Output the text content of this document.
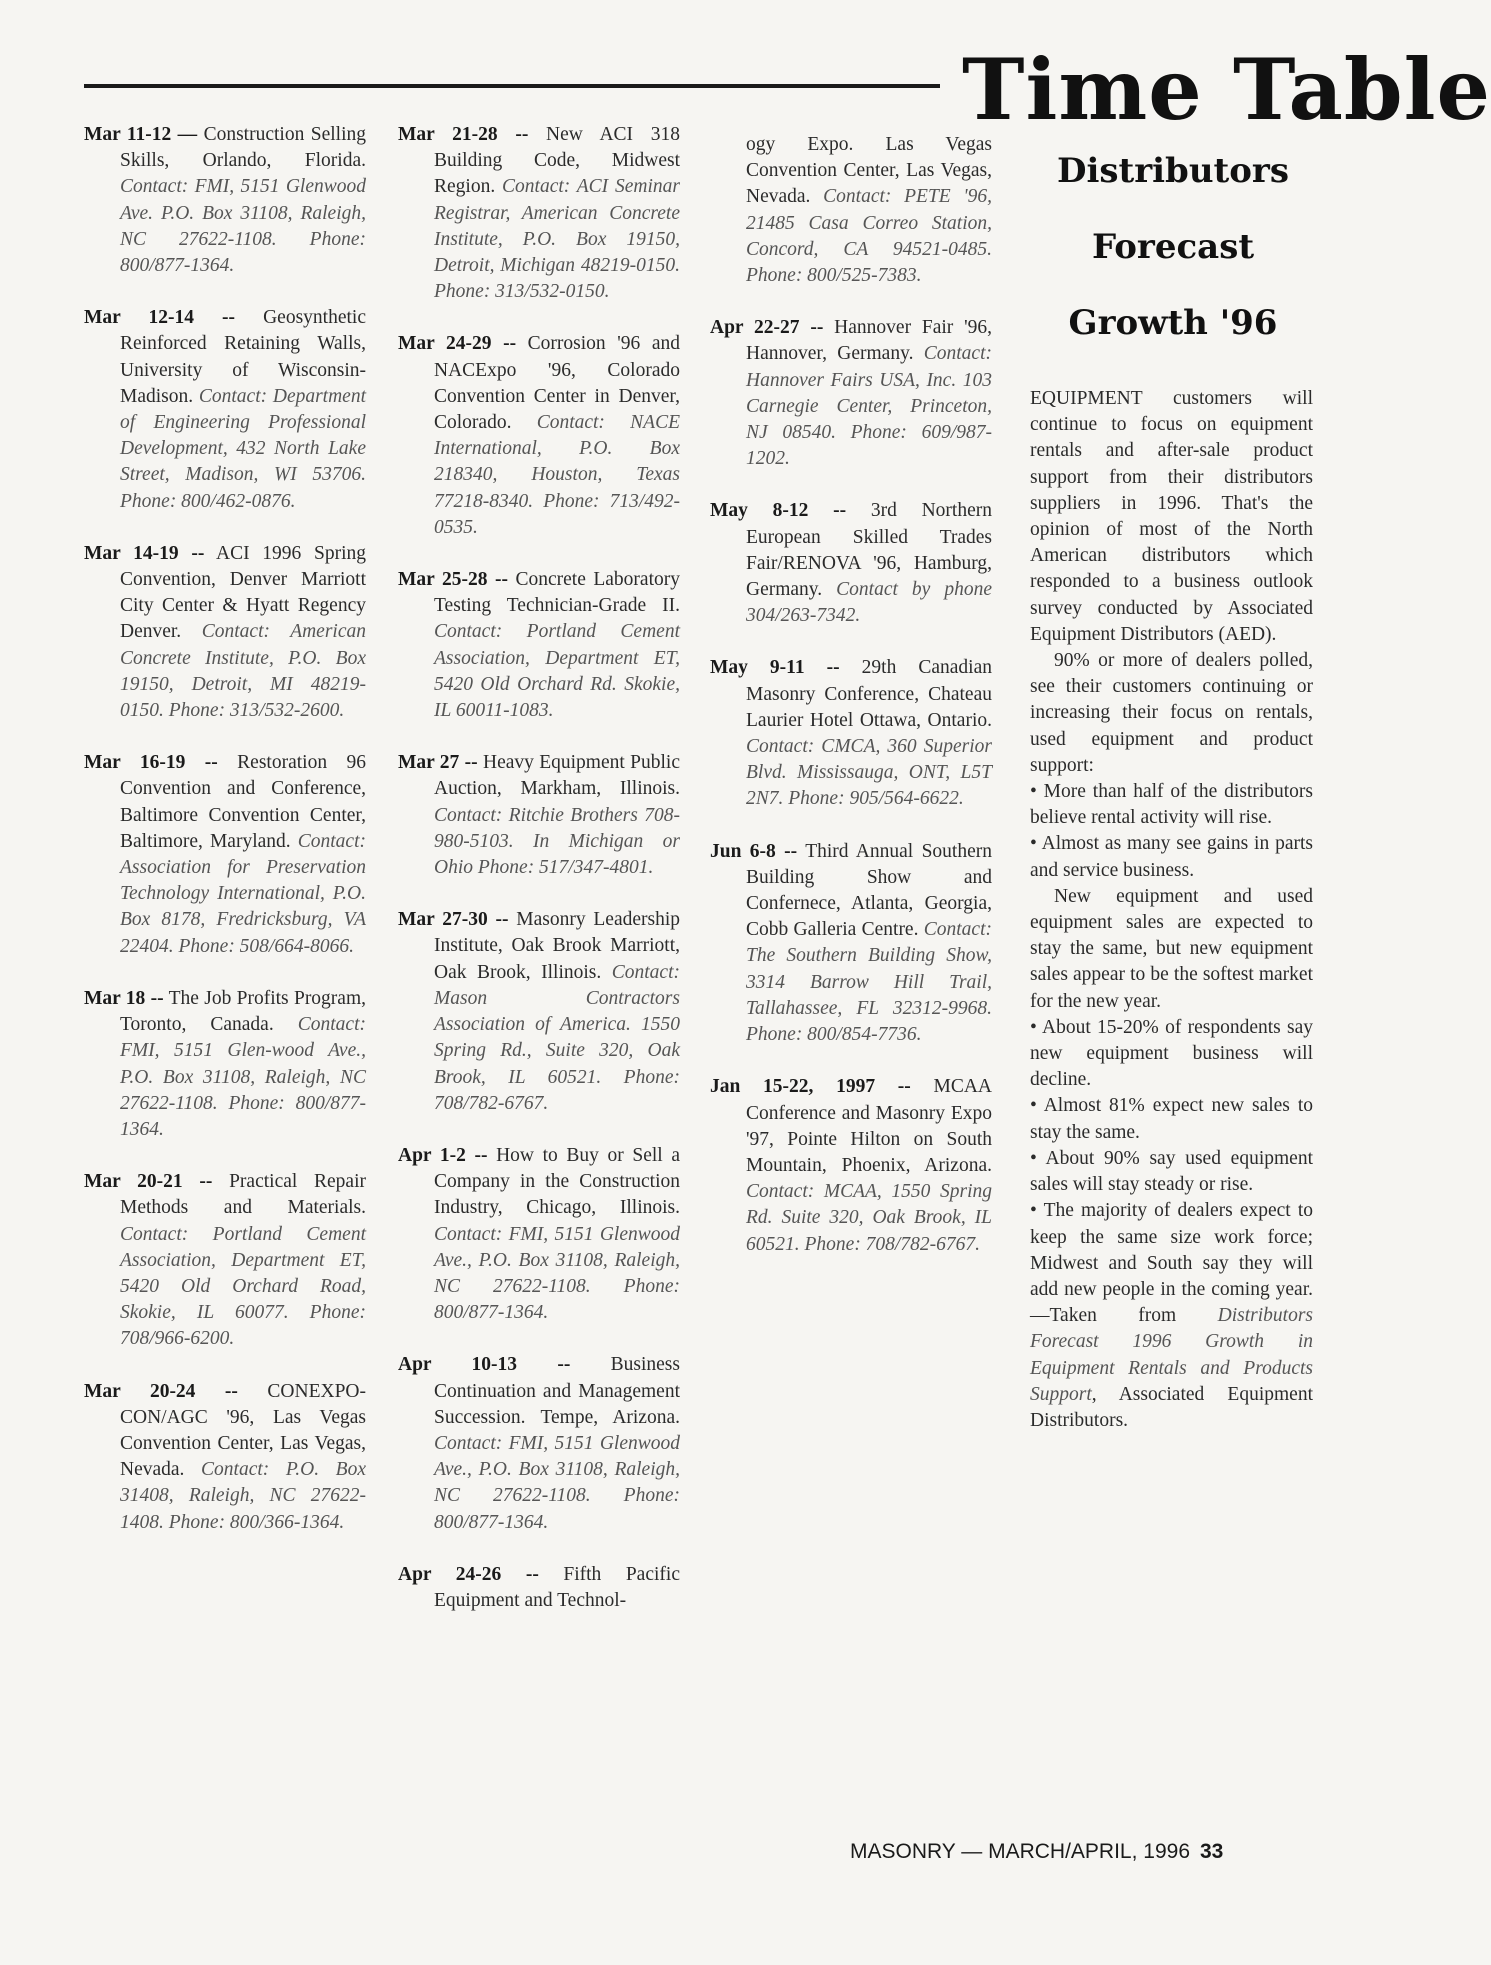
Time Table

Mar 11-12 — Construction Selling Skills, Orlando, Florida. Contact: FMI, 5151 Glenwood Ave. P.O. Box 31108, Raleigh, NC 27622-1108. Phone: 800/877-1364.

Mar 12-14 -- Geosynthetic Reinforced Retaining Walls, University of Wisconsin-Madison. Contact: Department of Engineering Professional Development, 432 North Lake Street, Madison, WI 53706. Phone: 800/462-0876.

Mar 14-19 -- ACI 1996 Spring Convention, Denver Marriott City Center & Hyatt Regency Denver. Contact: American Concrete Institute, P.O. Box 19150, Detroit, MI 48219-0150. Phone: 313/532-2600.

Mar 16-19 -- Restoration 96 Convention and Conference, Baltimore Convention Center, Baltimore, Maryland. Contact: Association for Preservation Technology International, P.O. Box 8178, Fredricksburg, VA 22404. Phone: 508/664-8066.

Mar 18 -- The Job Profits Program, Toronto, Canada. Contact: FMI, 5151 Glen-wood Ave., P.O. Box 31108, Raleigh, NC 27622-1108. Phone: 800/877-1364.

Mar 20-21 -- Practical Repair Methods and Materials. Contact: Portland Cement Association, Department ET, 5420 Old Orchard Road, Skokie, IL 60077. Phone: 708/966-6200.

Mar 20-24 -- CONEXPO-CON/AGC '96, Las Vegas Convention Center, Las Vegas, Nevada. Contact: P.O. Box 31408, Raleigh, NC 27622-1408. Phone: 800/366-1364.

Mar 21-28 -- New ACI 318 Building Code, Midwest Region. Contact: ACI Seminar Registrar, American Concrete Institute, P.O. Box 19150, Detroit, Michigan 48219-0150. Phone: 313/532-0150.

Mar 24-29 -- Corrosion '96 and NACExpo '96, Colorado Convention Center in Denver, Colorado. Contact: NACE International, P.O. Box 218340, Houston, Texas 77218-8340. Phone: 713/492-0535.

Mar 25-28 -- Concrete Laboratory Testing Technician-Grade II. Contact: Portland Cement Association, Department ET, 5420 Old Orchard Rd. Skokie, IL 60011-1083.

Mar 27 -- Heavy Equipment Public Auction, Markham, Illinois. Contact: Ritchie Brothers 708-980-5103. In Michigan or Ohio Phone: 517/347-4801.

Mar 27-30 -- Masonry Leadership Institute, Oak Brook Marriott, Oak Brook, Illinois. Contact: Mason Contractors Association of America. 1550 Spring Rd., Suite 320, Oak Brook, IL 60521. Phone: 708/782-6767.

Apr 1-2 -- How to Buy or Sell a Company in the Construction Industry, Chicago, Illinois. Contact: FMI, 5151 Glenwood Ave., P.O. Box 31108, Raleigh, NC 27622-1108. Phone: 800/877-1364.

Apr 10-13 -- Business Continuation and Management Succession. Tempe, Arizona. Contact: FMI, 5151 Glenwood Ave., P.O. Box 31108, Raleigh, NC 27622-1108. Phone: 800/877-1364.

Apr 24-26 -- Fifth Pacific Equipment and Technol-

ogy Expo. Las Vegas Convention Center, Las Vegas, Nevada. Contact: PETE '96, 21485 Casa Correo Station, Concord, CA 94521-0485. Phone: 800/525-7383.

Apr 22-27 -- Hannover Fair '96, Hannover, Germany. Contact: Hannover Fairs USA, Inc. 103 Carnegie Center, Princeton, NJ 08540. Phone: 609/987-1202.

May 8-12 -- 3rd Northern European Skilled Trades Fair/RENOVA '96, Hamburg, Germany. Contact by phone 304/263-7342.

May 9-11 -- 29th Canadian Masonry Conference, Chateau Laurier Hotel Ottawa, Ontario. Contact: CMCA, 360 Superior Blvd. Mississauga, ONT, L5T 2N7. Phone: 905/564-6622.

Jun 6-8 -- Third Annual Southern Building Show and Confernece, Atlanta, Georgia, Cobb Galleria Centre. Contact: The Southern Building Show, 3314 Barrow Hill Trail, Tallahassee, FL 32312-9968. Phone: 800/854-7736.

Jan 15-22, 1997 -- MCAA Conference and Masonry Expo '97, Pointe Hilton on South Mountain, Phoenix, Arizona. Contact: MCAA, 1550 Spring Rd. Suite 320, Oak Brook, IL 60521. Phone: 708/782-6767.

Distributors
Forecast
Growth '96

EQUIPMENT customers will continue to focus on equipment rentals and after-sale product support from their distributors suppliers in 1996. That's the opinion of most of the North American distributors which responded to a business outlook survey conducted by Associated Equipment Distributors (AED).

90% or more of dealers polled, see their customers continuing or increasing their focus on rentals, used equipment and product support:

• More than half of the distributors believe rental activity will rise.

• Almost as many see gains in parts and service business.

New equipment and used equipment sales are expected to stay the same, but new equipment sales appear to be the softest market for the new year.

• About 15-20% of respondents say new equipment business will decline.

• Almost 81% expect new sales to stay the same.

• About 90% say used equipment sales will stay steady or rise.

• The majority of dealers expect to keep the same size work force; Midwest and South say they will add new people in the coming year.—Taken from Distributors Forecast 1996 Growth in Equipment Rentals and Products Support, Associated Equipment Distributors.

MASONRY — MARCH/APRIL, 1996 33
